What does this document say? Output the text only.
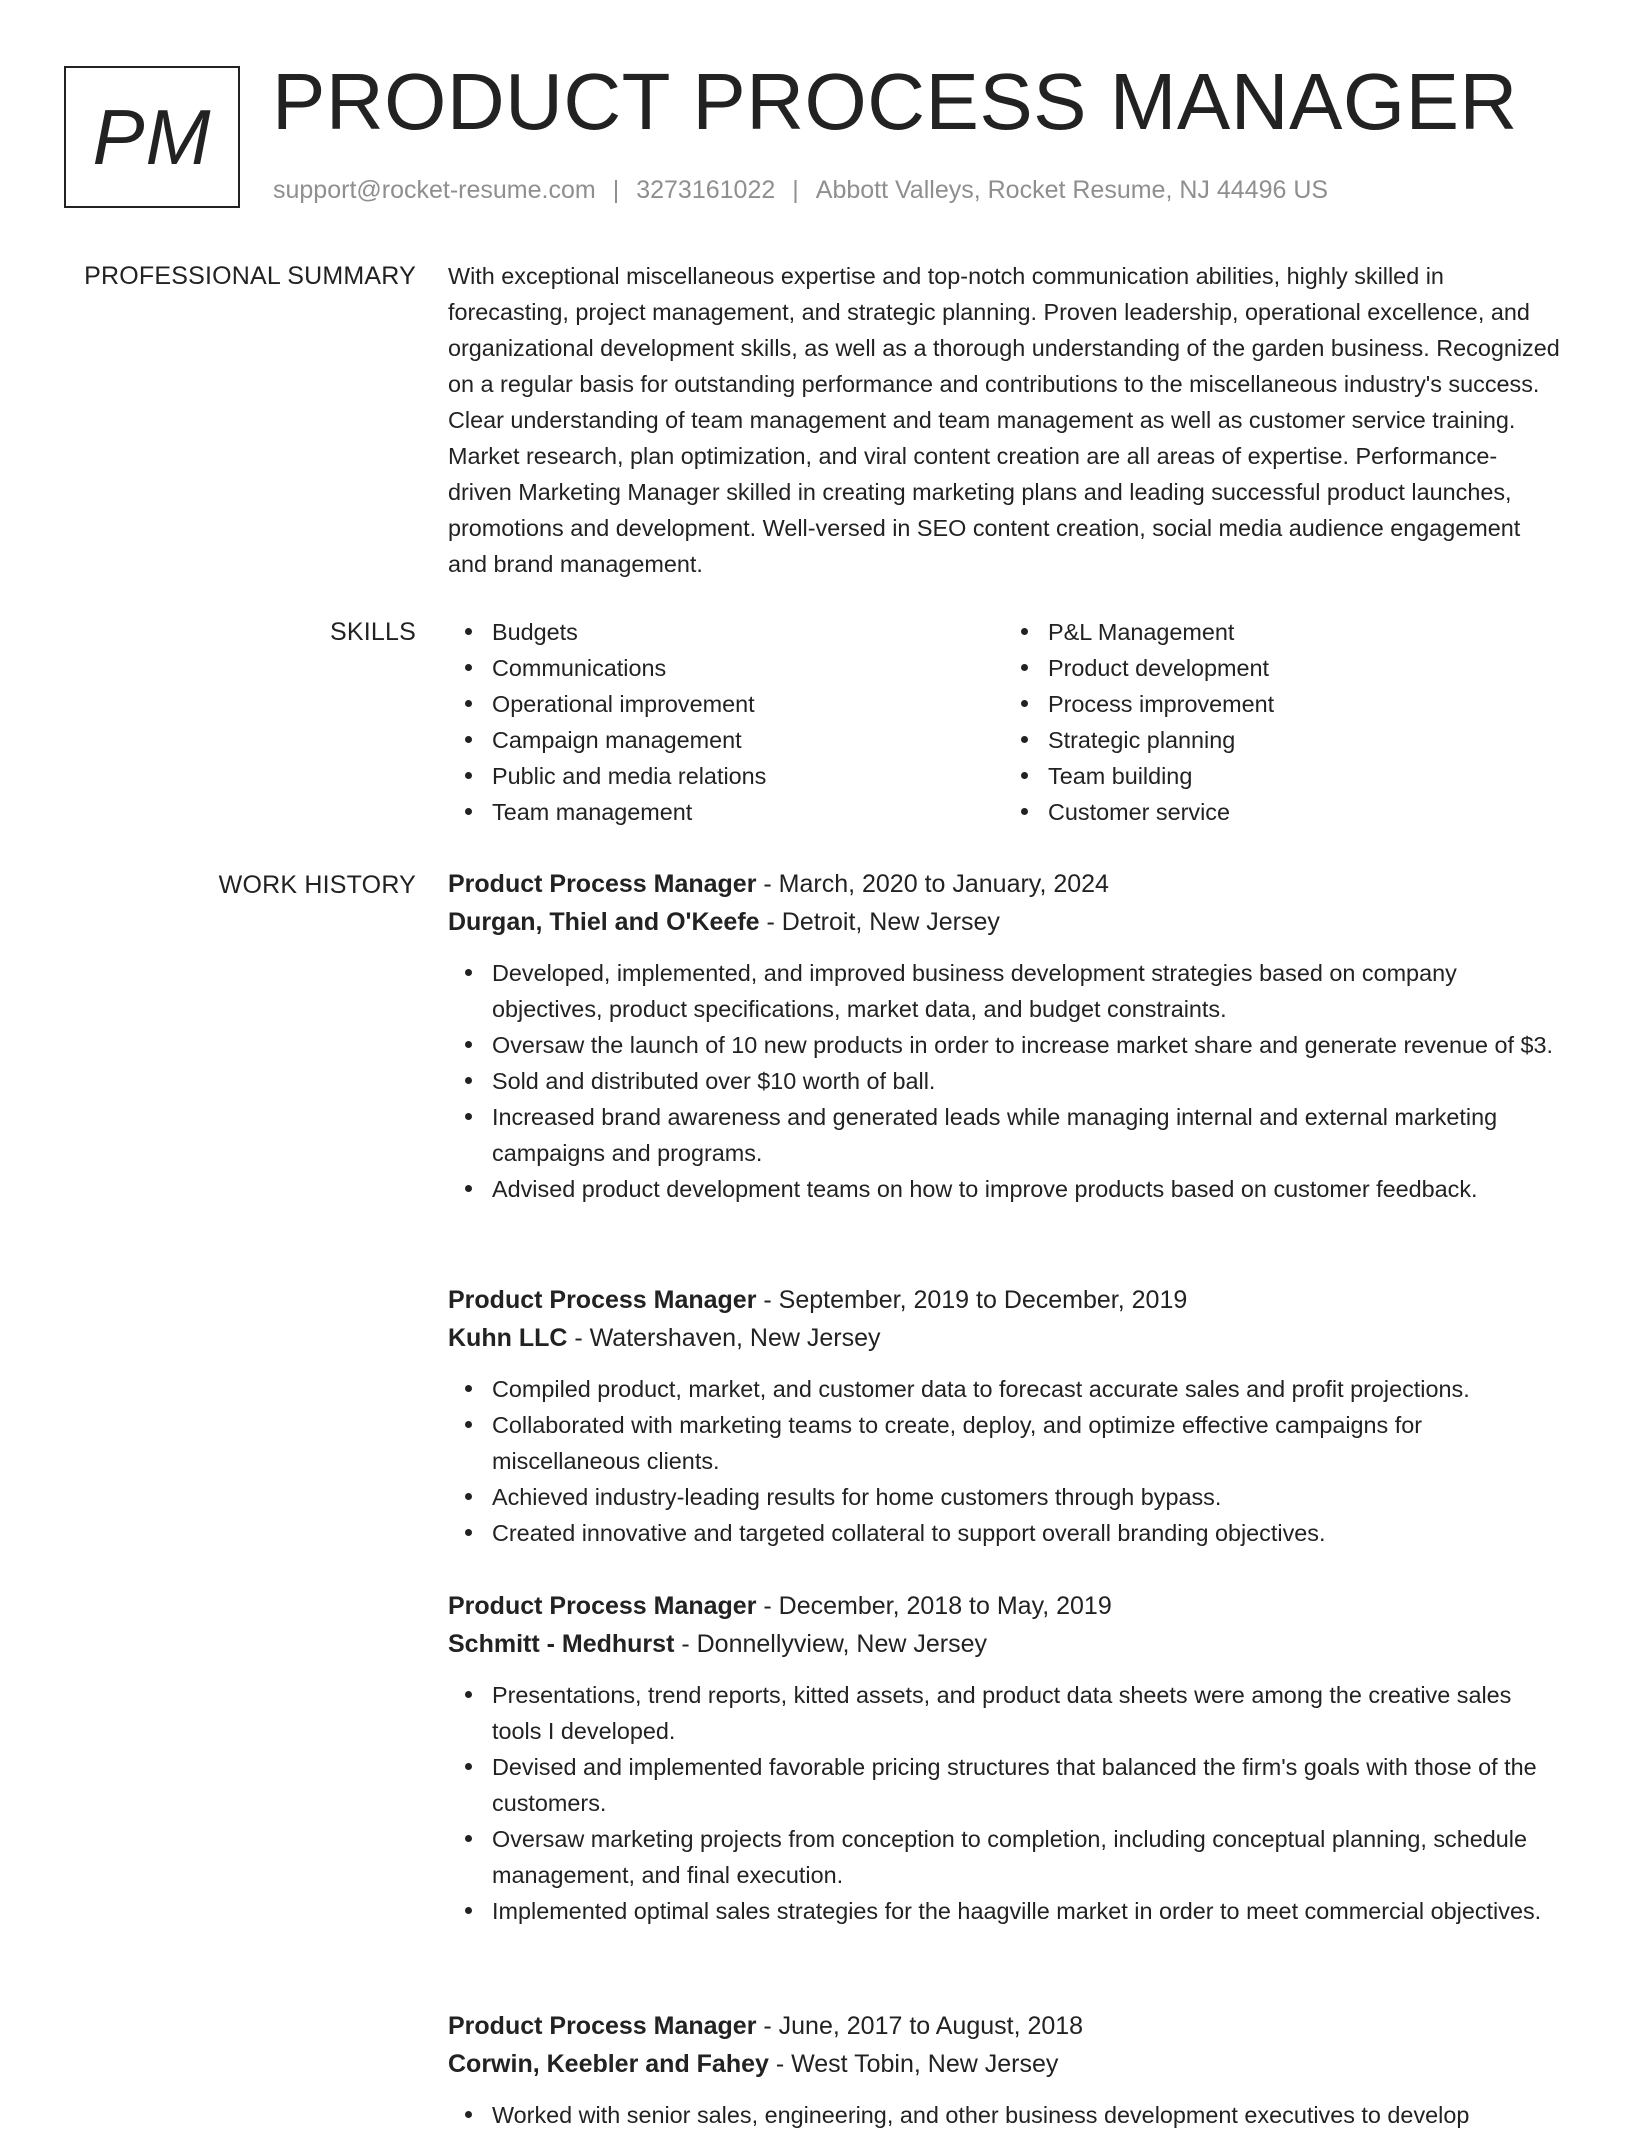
PM PRODUCT PROCESS MANAGER
support@rocket-resume.com | 3273161022 | Abbott Valleys, Rocket Resume, NJ 44496 US
PROFESSIONAL SUMMARY With exceptional miscellaneous expertise and top-notch communication abilities, highly skilled in forecasting, project management, and strategic planning. Proven leadership, operational excellence, and organizational development skills, as well as a thorough understanding of the garden business. Recognized on a regular basis for outstanding performance and contributions to the miscellaneous industry's success. Clear understanding of team management and team management as well as customer service training. Market research, plan optimization, and viral content creation are all areas of expertise. Performance-driven Marketing Manager skilled in creating marketing plans and leading successful product launches, promotions and development. Well-versed in SEO content creation, social media audience engagement and brand management.

SKILLS	Budgets
Communications
Operational improvement
Campaign management
Public and media relations
Team management
P&L Management
Product development
Process improvement
Strategic planning
Team building
Customer service
WORK HISTORY Product Process Manager - March, 2020 to January, 2024
Durgan, Thiel and O'Keefe - Detroit, New Jersey
Developed, implemented, and improved business development strategies based on company objectives, product specifications, market data, and budget constraints.
Oversaw the launch of 10 new products in order to increase market share and generate revenue of $3.
Sold and distributed over $10 worth of ball.
Increased brand awareness and generated leads while managing internal and external marketing campaigns and programs.
Advised product development teams on how to improve products based on customer feedback.
Product Process Manager - September, 2019 to December, 2019
Kuhn LLC - Watershaven, New Jersey
Compiled product, market, and customer data to forecast accurate sales and profit projections.
Collaborated with marketing teams to create, deploy, and optimize effective campaigns for miscellaneous clients.
Achieved industry-leading results for home customers through bypass.
Created innovative and targeted collateral to support overall branding objectives.
Product Process Manager - December, 2018 to May, 2019
Schmitt - Medhurst - Donnellyview, New Jersey
Presentations, trend reports, kitted assets, and product data sheets were among the creative sales tools I developed.
Devised and implemented favorable pricing structures that balanced the firm's goals with those of the customers.
Oversaw marketing projects from conception to completion, including conceptual planning, schedule management, and final execution.
Implemented optimal sales strategies for the haagville market in order to meet commercial objectives.
Product Process Manager - June, 2017 to August, 2018
Corwin, Keebler and Fahey - West Tobin, New Jersey
Worked with senior sales, engineering, and other business development executives to develop
